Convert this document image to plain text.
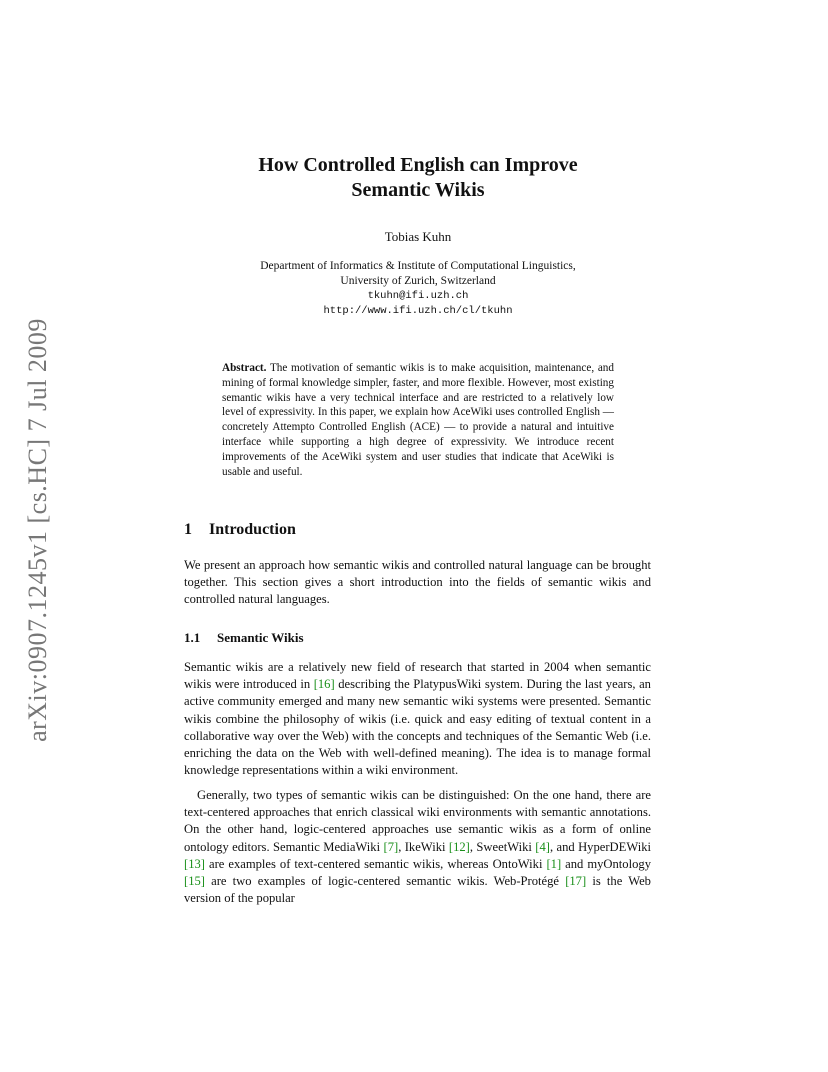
arXiv:0907.1245v1 [cs.HC] 7 Jul 2009
How Controlled English can Improve
Semantic Wikis
Tobias Kuhn
Department of Informatics & Institute of Computational Linguistics,
University of Zurich, Switzerland
tkuhn@ifi.uzh.ch
http://www.ifi.uzh.ch/cl/tkuhn
Abstract. The motivation of semantic wikis is to make acquisition, maintenance, and mining of formal knowledge simpler, faster, and more flexible. However, most existing semantic wikis have a very technical interface and are restricted to a relatively low level of expressivity. In this paper, we explain how AceWiki uses controlled English — concretely Attempto Controlled English (ACE) — to provide a natural and intuitive interface while supporting a high degree of expressivity. We introduce recent improvements of the AceWiki system and user studies that indicate that AceWiki is usable and useful.
1 Introduction
We present an approach how semantic wikis and controlled natural language can be brought together. This section gives a short introduction into the fields of semantic wikis and controlled natural languages.
1.1 Semantic Wikis
Semantic wikis are a relatively new field of research that started in 2004 when semantic wikis were introduced in [16] describing the PlatypusWiki system. During the last years, an active community emerged and many new semantic wiki systems were presented. Semantic wikis combine the philosophy of wikis (i.e. quick and easy editing of textual content in a collaborative way over the Web) with the concepts and techniques of the Semantic Web (i.e. enriching the data on the Web with well-defined meaning). The idea is to manage formal knowledge representations within a wiki environment.
Generally, two types of semantic wikis can be distinguished: On the one hand, there are text-centered approaches that enrich classical wiki environments with semantic annotations. On the other hand, logic-centered approaches use semantic wikis as a form of online ontology editors. Semantic MediaWiki [7], IkeWiki [12], SweetWiki [4], and HyperDEWiki [13] are examples of text-centered semantic wikis, whereas OntoWiki [1] and myOntology [15] are two examples of logic-centered semantic wikis. Web-Protégé [17] is the Web version of the popular
